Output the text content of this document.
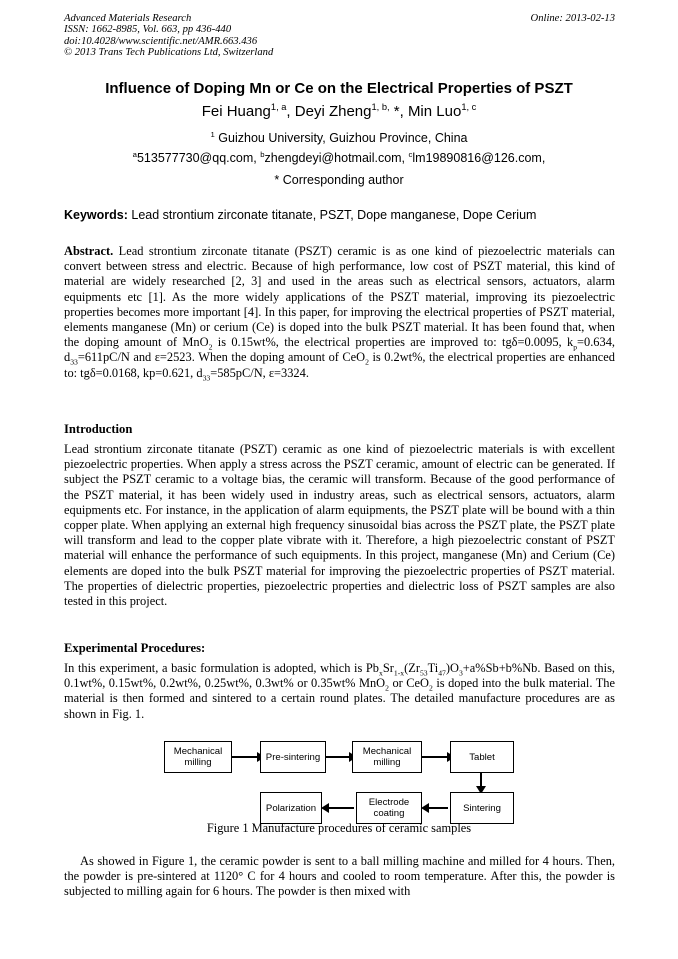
Advanced Materials Research
ISSN: 1662-8985, Vol. 663, pp 436-440
doi:10.4028/www.scientific.net/AMR.663.436
© 2013 Trans Tech Publications Ltd, Switzerland
Online: 2013-02-13
Influence of Doping Mn or Ce on the Electrical Properties of PSZT
Fei Huang$^{1, a}$, Deyi Zheng$^{1, b,}$ *, Min Luo$^{1, c}$
$^1$ Guizhou University, Guizhou Province, China
$^a$513577730@qq.com, $^b$zhengdeyi@hotmail.com, $^c$lm19890816@126.com,
* Corresponding author
Keywords: Lead strontium zirconate titanate, PSZT, Dope manganese, Dope Cerium

Abstract. Lead strontium zirconate titanate (PSZT) ceramic is as one kind of piezoelectric materials can convert between stress and electric. Because of high performance, low cost of PSZT material, this kind of material are widely researched [2, 3] and used in the areas such as electrical sensors, actuators, alarm equipments etc [1]. As the more widely applications of the PSZT material, improving its piezoelectric properties becomes more important [4]. In this paper, for improving the electrical properties of PSZT material, elements manganese (Mn) or cerium (Ce) is doped into the bulk PSZT material. It has been found that, when the doping amount of MnO$_2$ is 0.15wt%, the electrical properties are improved to: tgδ=0.0095, $k_p=0.634$, $d_{33}=611pC/N$ and ε=2523. When the doping amount of CeO$_2$ is 0.2wt%, the electrical properties are enhanced to: tgδ=0.0168, kp=0.621, $d_{33}=585pC/N$, ε=3324.

Introduction

Lead strontium zirconate titanate (PSZT) ceramic as one kind of piezoelectric materials is with excellent piezoelectric properties. When apply a stress across the PSZT ceramic, amount of electric can be generated. If subject the PSZT ceramic to a voltage bias, the ceramic will transform. Because of the good performance of the PSZT material, it has been widely used in industry areas, such as electrical sensors, actuators, alarm equipments etc. For instance, in the application of alarm equipments, the PSZT plate will be bound with a thin copper plate. When applying an external high frequency sinusoidal bias across the PSZT plate, the PSZT plate will transform and lead to the copper plate vibrate with it. Therefore, a high piezoelectric constant of PSZT material will enhance the performance of such equipments. In this project, manganese (Mn) and Cerium (Ce) elements are doped into the bulk PSZT material for improving the piezoelectric properties of PSZT material. The properties of dielectric properties, piezoelectric properties and dielectric loss of PSZT samples are also tested in this project.

Experimental Procedures:

In this experiment, a basic formulation is adopted, which is $Pb_xSr_{1-x}(Zr_{53}Ti_{47})O_3+a\%Sb+b\%Nb$. Based on this, 0.1wt%, 0.15wt%, 0.2wt%, 0.25wt%, 0.3wt% or 0.35wt% MnO$_2$ or CeO$_2$ is doped into the bulk material. The material is then formed and sintered to a certain round plates. The detailed manufacture procedures are as shown in Fig. 1.

Mechanical milling	Pre-sintering	Mechanical milling	Tablet
Sintering
Electrode coating
Polarization
Figure 1 Manufacture procedures of ceramic samples

As showed in Figure 1, the ceramic powder is sent to a ball milling machine and milled for 4 hours. Then, the powder is pre-sintered at 1120° C for 4 hours and cooled to room temperature. After this, the powder is subjected to milling again for 6 hours. The powder is then mixed with
